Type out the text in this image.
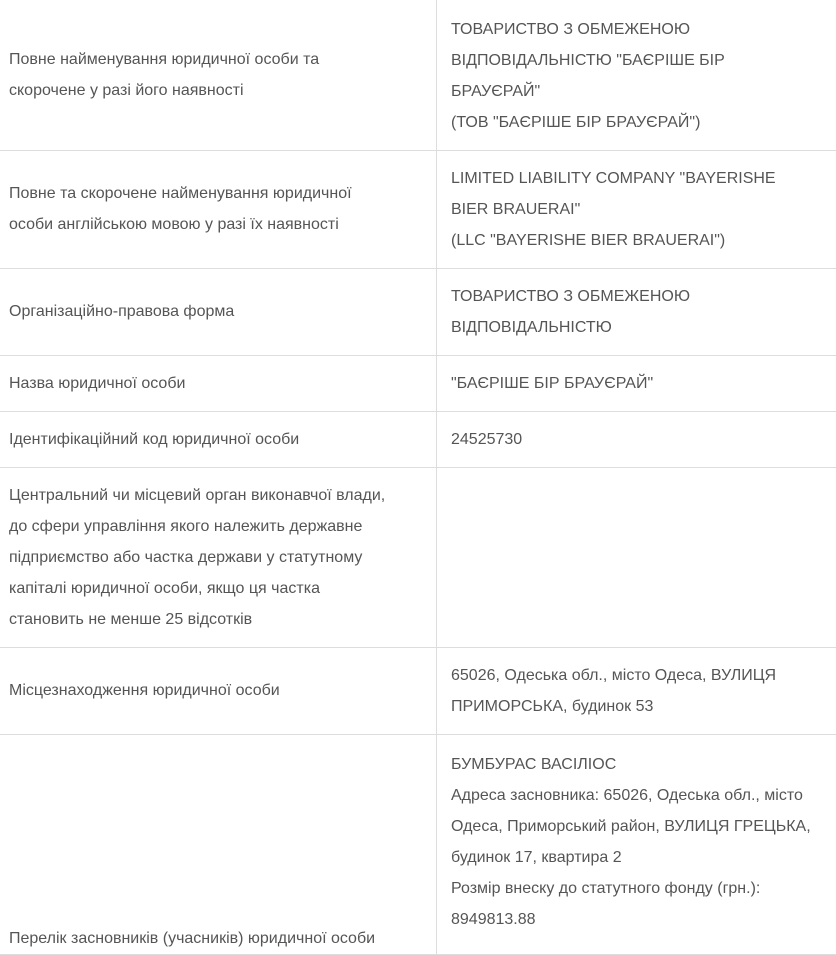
Повне найменування юридичної особи та скорочене у разі його наявності	ТОВАРИСТВО З ОБМЕЖЕНОЮ ВІДПОВІДАЛЬНІСТЮ "БАЄРІШЕ БІР БРАУЄРАЙ"
(ТОВ "БАЄРІШЕ БІР БРАУЄРАЙ")

Повне та скорочене найменування юридичної особи англійською мовою у разі їх наявності	LIMITED LIABILITY COMPANY "BAYERISHE BIER BRAUERAI"
(LLC "BAYERISHE BIER BRAUERAI")

Організаційно-правова форма	ТОВАРИСТВО З ОБМЕЖЕНОЮ ВІДПОВІДАЛЬНІСТЮ

Назва юридичної особи	"БАЄРІШЕ БІР БРАУЄРАЙ"

Ідентифікаційний код юридичної особи	24525730

Центральний чи місцевий орган виконавчої влади, до сфери управління якого належить державне підприємство або частка держави у статутному капіталі юридичної особи, якщо ця частка становить не менше 25 відсотків	

Місцезнаходження юридичної особи	65026, Одеська обл., місто Одеса, ВУЛИЦЯ ПРИМОРСЬКА, будинок 53

Перелік засновників (учасників) юридичної особи	БУМБУРАС ВАСІЛІОС
Адреса засновника: 65026, Одеська обл., місто Одеса, Приморський район, ВУЛИЦЯ ГРЕЦЬКА, будинок 17, квартира 2
Розмір внеску до статутного фонду (грн.): 8949813.88
